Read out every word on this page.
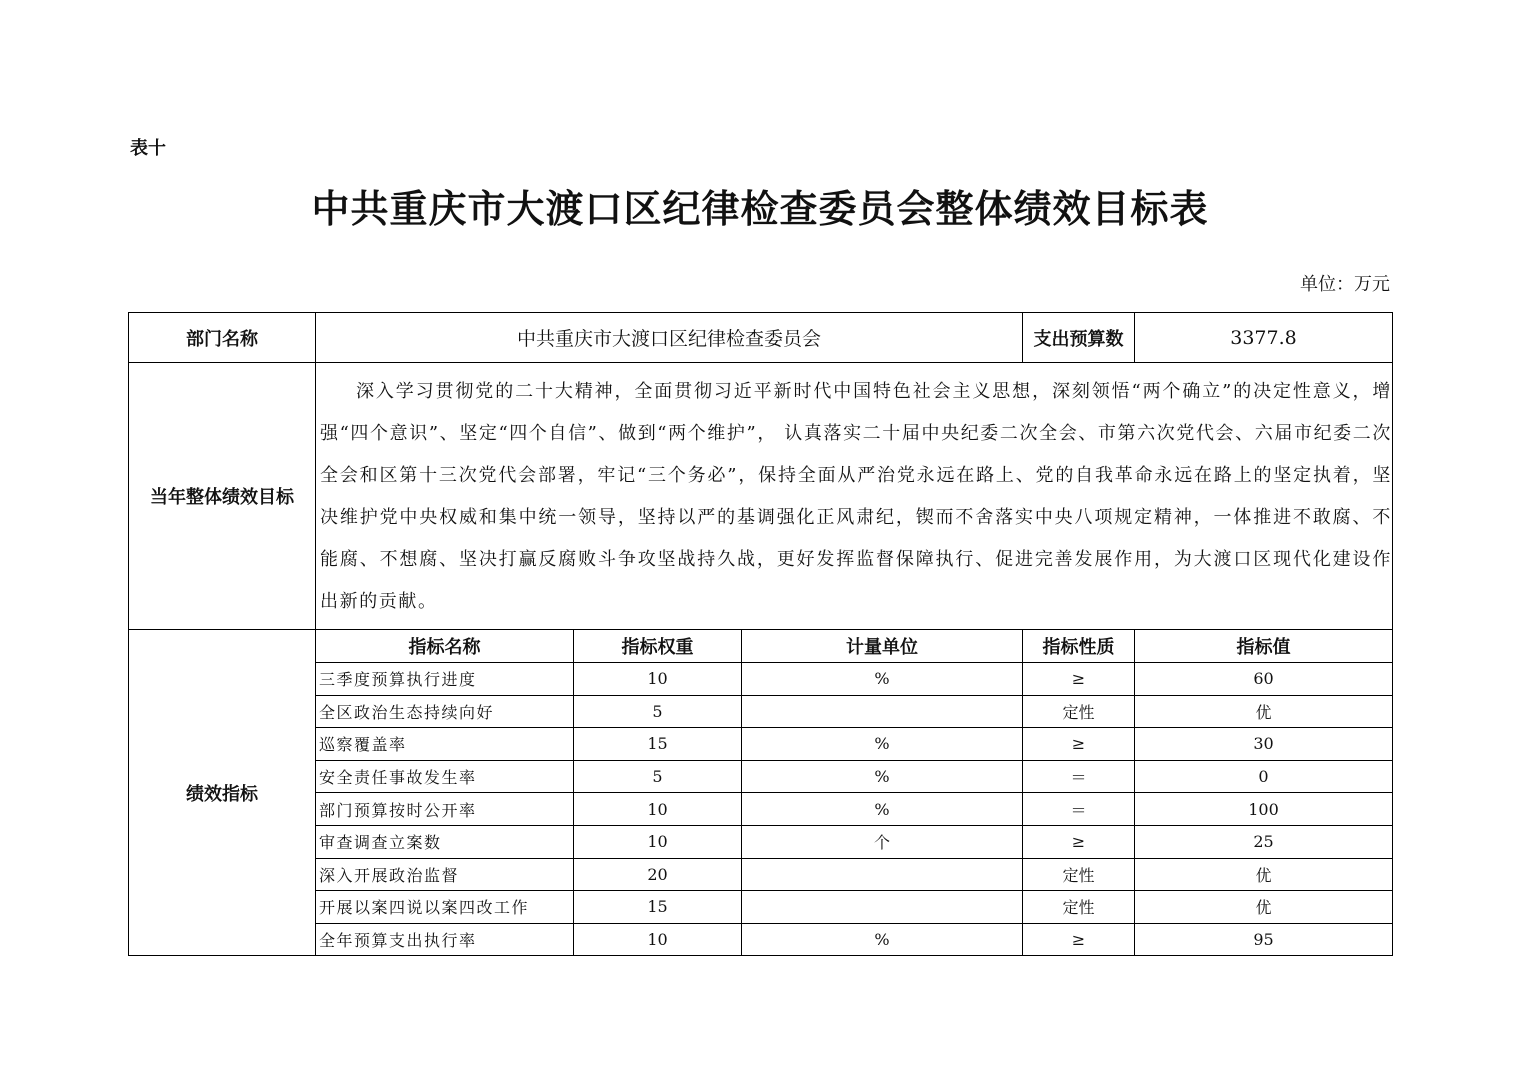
表十
中共重庆市大渡口区纪律检查委员会整体绩效目标表
单位：万元
部门名称	中共重庆市大渡口区纪律检查委员会			支出预算数	3377.8
当年整体绩效目标	深入学习贯彻党的二十大精神，全面贯彻习近平新时代中国特色社会主义思想，深刻领悟“两个确立”的决定性意义，增强“四个意识”、坚定“四个自信”、做到“两个维护”， 认真落实二十届中央纪委二次全会、市第六次党代会、六届市纪委二次全会和区第十三次党代会部署，牢记“三个务必”，保持全面从严治党永远在路上、党的自我革命永远在路上的坚定执着，坚决维护党中央权威和集中统一领导，坚持以严的基调强化正风肃纪，锲而不舍落实中央八项规定精神，一体推进不敢腐、不能腐、不想腐、坚决打赢反腐败斗争攻坚战持久战，更好发挥监督保障执行、促进完善发展作用，为大渡口区现代化建设作出新的贡献。				
绩效指标	指标名称	指标权重	计量单位	指标性质	指标值
	三季度预算执行进度	10	%	≥	60
	全区政治生态持续向好	5		定性	优
	巡察覆盖率	15	%	≥	30
	安全责任事故发生率	5	%	＝	0
	部门预算按时公开率	10	%	＝	100
	审查调查立案数	10	个	≥	25
	深入开展政治监督	20		定性	优
	开展以案四说以案四改工作	15		定性	优
	全年预算支出执行率	10	%	≥	95
